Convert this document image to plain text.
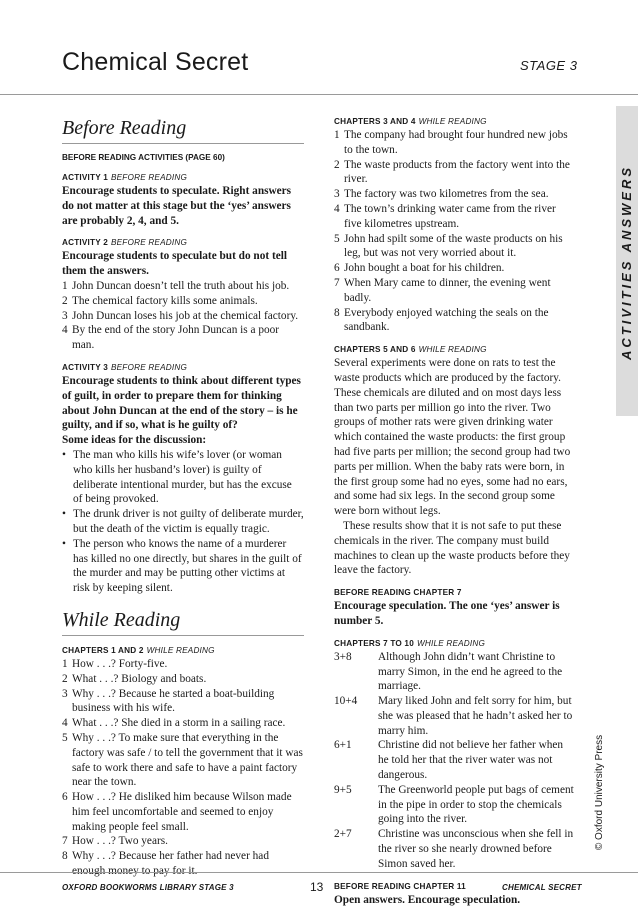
Chemical Secret	STAGE 3
ACTIVITIES ANSWERS
© Oxford University Press
Before Reading
BEFORE READING ACTIVITIES (PAGE 60)
ACTIVITY 1 BEFORE READING

Encourage students to speculate. Right answers do not matter at this stage but the ‘yes’ answers are probably 2, 4, and 5.

ACTIVITY 2 BEFORE READING

Encourage students to speculate but do not tell them the answers.

1 John Duncan doesn’t tell the truth about his job.
2 The chemical factory kills some animals.
3 John Duncan loses his job at the chemical factory.
4 By the end of the story John Duncan is a poor man.
ACTIVITY 3 BEFORE READING

Encourage students to think about different types of guilt, in order to prepare them for thinking about John Duncan at the end of the story – is he guilty, and if so, what is he guilty of?

Some ideas for the discussion:

• The man who kills his wife’s lover (or woman who kills her husband’s lover) is guilty of deliberate intentional murder, but has the excuse of being provoked.
• The drunk driver is not guilty of deliberate murder, but the death of the victim is equally tragic.
• The person who knows the name of a murderer has killed no one directly, but shares in the guilt of the murder and may be putting other victims at risk by keeping silent.
While Reading
CHAPTERS 1 AND 2 WHILE READING
1 How . . .? Forty-five.
2 What . . .? Biology and boats.
3 Why . . .? Because he started a boat-building business with his wife.
4 What . . .? She died in a storm in a sailing race.
5 Why . . .? To make sure that everything in the factory was safe / to tell the government that it was safe to work there and safe to have a paint factory near the town.
6 How . . .? He disliked him because Wilson made him feel uncomfortable and seemed to enjoy making people feel small.
7 How . . .? Two years.
8 Why . . .? Because her father had never had
CHAPTERS 3 AND 4 WHILE READING
1 The company had brought four hundred new jobs to the town.
2 The waste products from the factory went into the river.
3 The factory was two kilometres from the sea.
4 The town’s drinking water came from the river five kilometres upstream.
5 John had spilt some of the waste products on his leg, but was not very worried about it.
6 John bought a boat for his children.
7 When Mary came to dinner, the evening went badly.
8 Everybody enjoyed watching the seals on the sandbank.
CHAPTERS 5 AND 6 WHILE READING

Several experiments were done on rats to test the waste products which are produced by the factory. These chemicals are diluted and on most days less than two parts per million go into the river. Two groups of mother rats were given drinking water which contained the waste products: the first group had five parts per million; the second group had two parts per million. When the baby rats were born, in the first group some had no eyes, some had no ears, and some had six legs. In the second group some were born without legs.

These results show that it is not safe to put these chemicals in the river. The company must build machines to clean up the waste products before they leave the factory.

BEFORE READING CHAPTER 7

Encourage speculation. The one ‘yes’ answer is number 5.

CHAPTERS 7 TO 10 WHILE READING
3+8	Although John didn’t want Christine to marry Simon, in the end he agreed to the marriage.
10+4	Mary liked John and felt sorry for him, but she was pleased that he hadn’t asked her to marry him.
6+1	Christine did not believe her father when he told her that the river water was not dangerous.
9+5	The Greenworld people put bags of cement in the pipe in order to stop the chemicals going into the river.
2+7	Christine was unconscious when she fell in the river so she nearly drowned before Simon saved her.
BEFORE READING CHAPTER 11

Open answers. Encourage speculation.

OXFORD BOOKWORMS LIBRARY STAGE 3	13	CHEMICAL SECRET
